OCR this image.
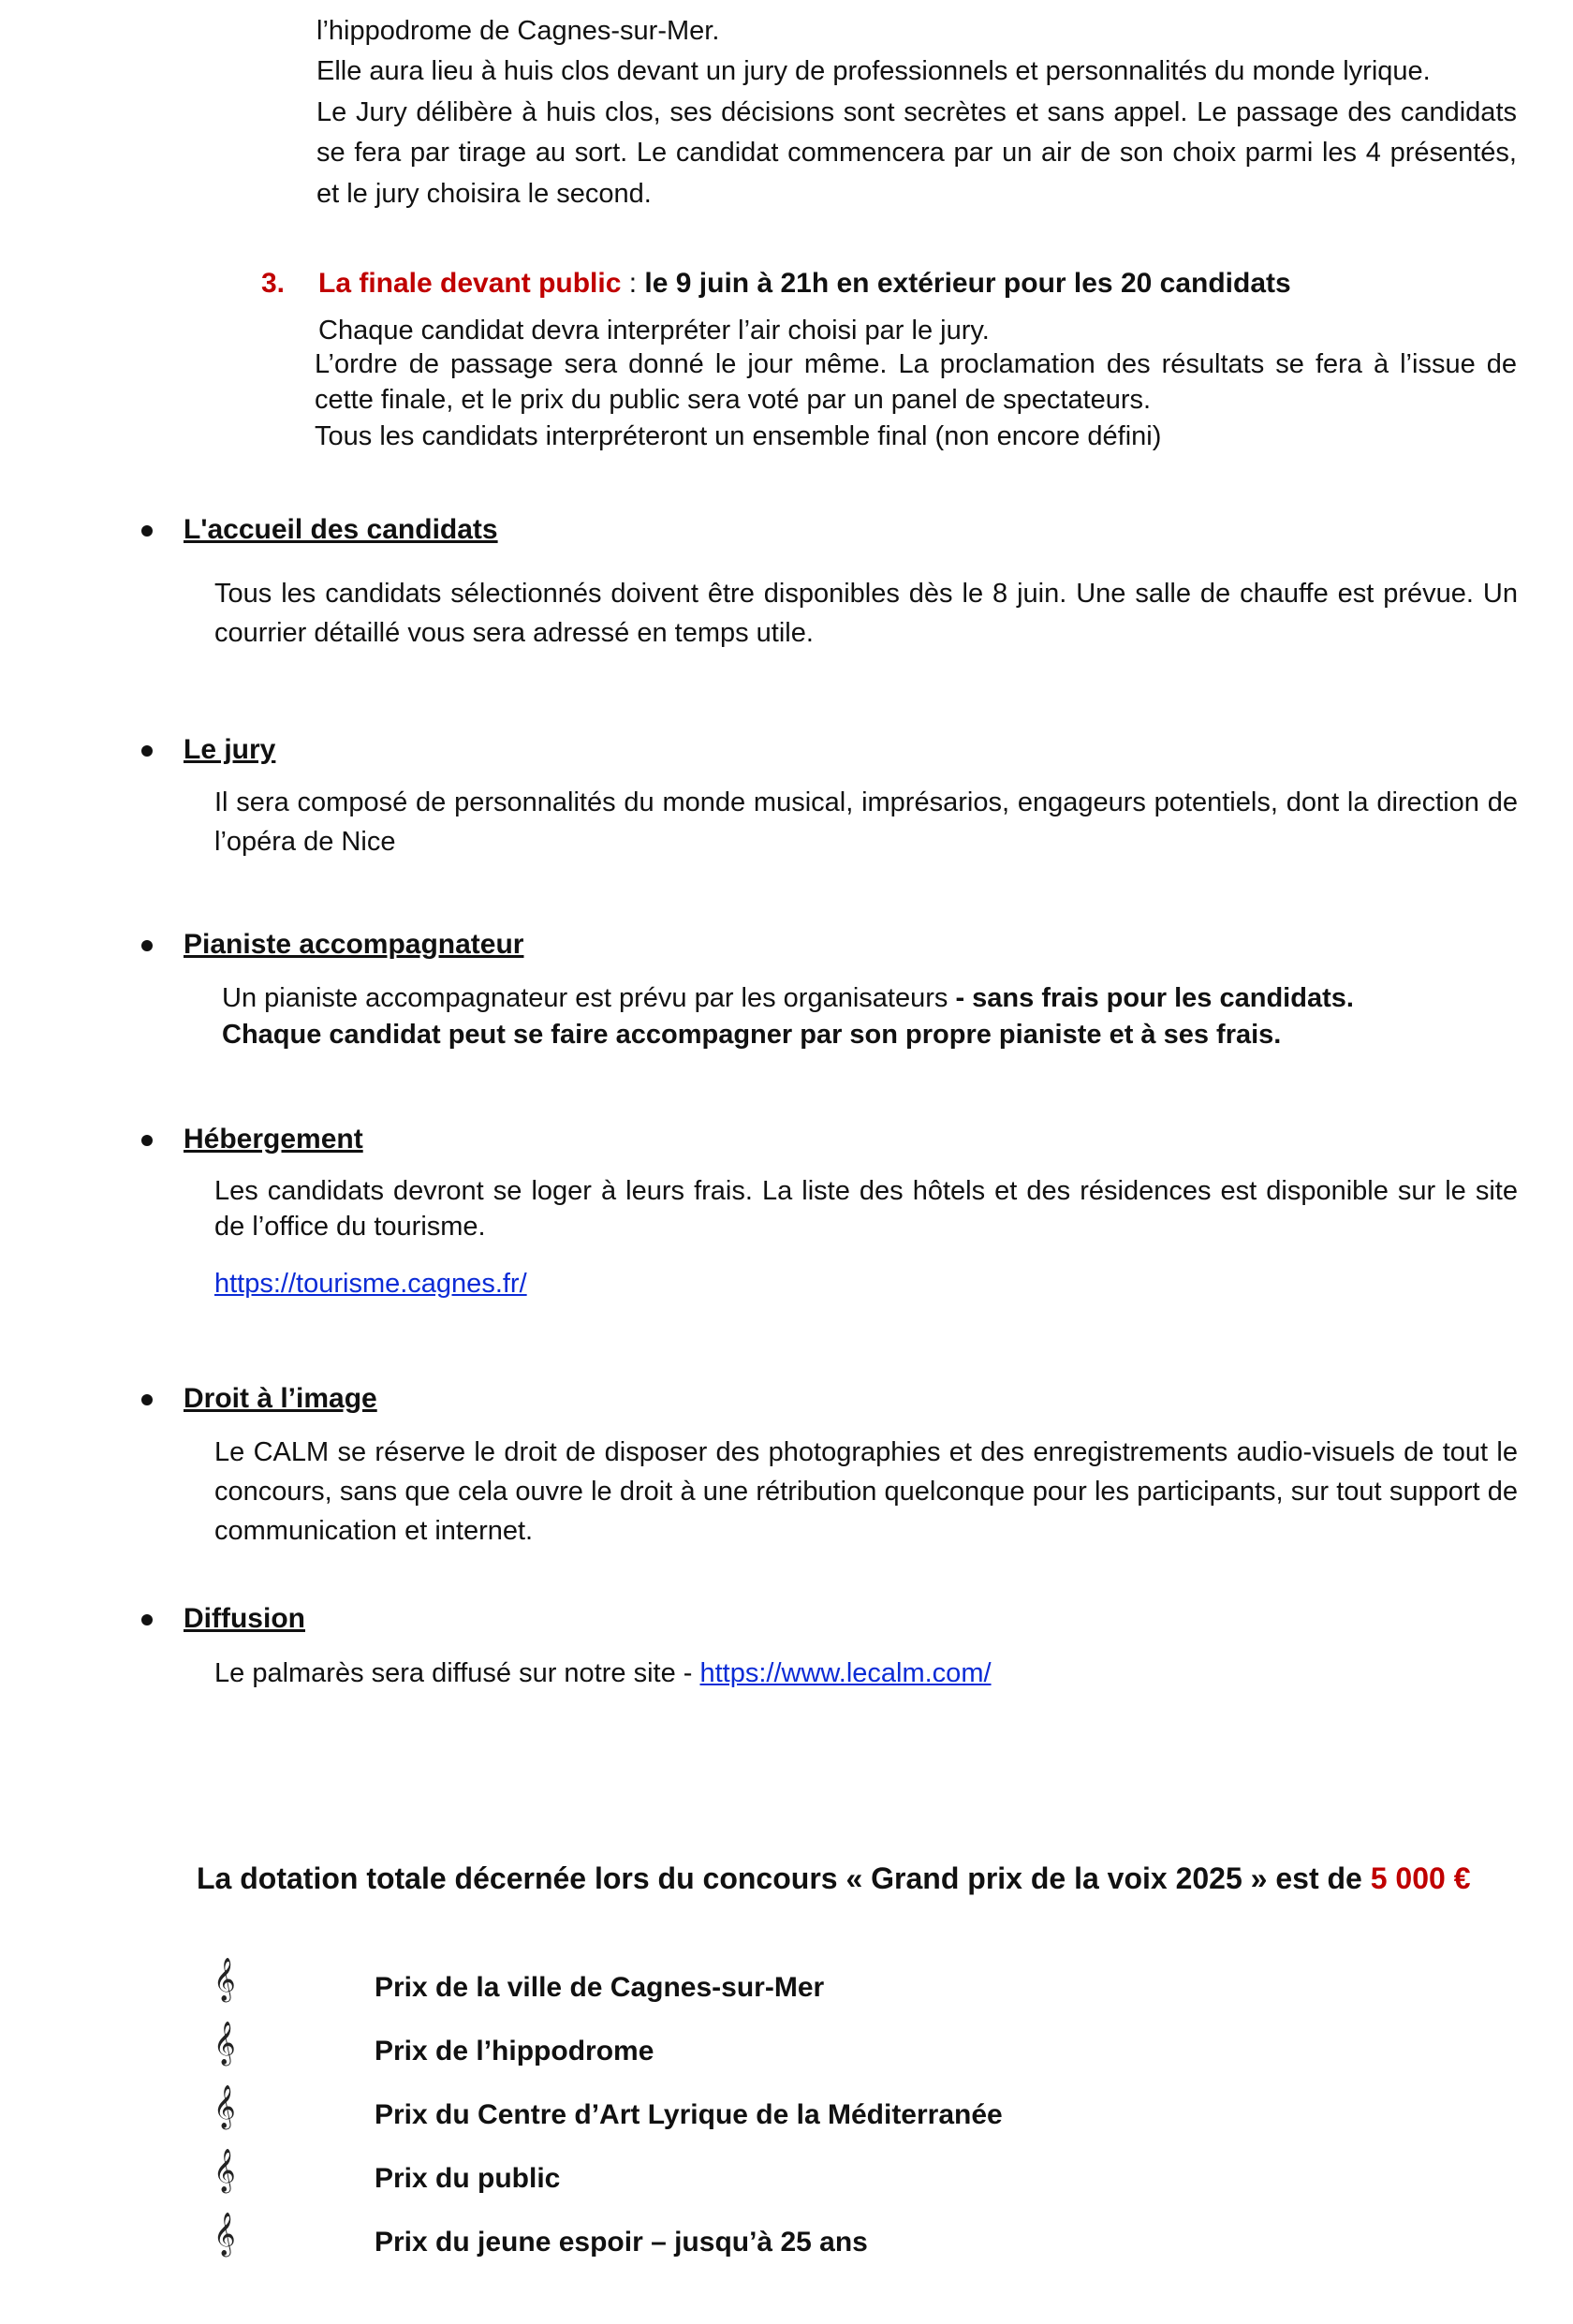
l’hippodrome de Cagnes-sur-Mer.

Elle aura lieu à huis clos devant un jury de professionnels et personnalités du monde lyrique.

Le Jury délibère à huis clos, ses décisions sont secrètes et sans appel. Le passage des candidats se fera par tirage au sort. Le candidat commencera par un air de son choix parmi les 4 présentés, et le jury choisira le second.

3. La finale devant public : le 9 juin à 21h en extérieur pour les 20 candidats
Chaque candidat devra interpréter l’air choisi par le jury.

L’ordre de passage sera donné le jour même. La proclamation des résultats se fera à l’issue de cette finale, et le prix du public sera voté par un panel de spectateurs.

Tous les candidats interpréteront un ensemble final (non encore défini)

L'accueil des candidats
Tous les candidats sélectionnés doivent être disponibles dès le 8 juin. Une salle de chauffe est prévue. Un courrier détaillé vous sera adressé en temps utile.
Le jury
Il sera composé de personnalités du monde musical, imprésarios, engageurs potentiels, dont la direction de l’opéra de Nice
Pianiste accompagnateur
Un pianiste accompagnateur est prévu par les organisateurs - sans frais pour les candidats.
Chaque candidat peut se faire accompagner par son propre pianiste et à ses frais.
Hébergement
Les candidats devront se loger à leurs frais. La liste des hôtels et des résidences est disponible sur le site de l’office du tourisme.
https://tourisme.cagnes.fr/
Droit à l’image
Le CALM se réserve le droit de disposer des photographies et des enregistrements audio-visuels de tout le concours, sans que cela ouvre le droit à une rétribution quelconque pour les participants, sur tout support de communication et internet.
Diffusion
Le palmarès sera diffusé sur notre site - https://www.lecalm.com/
La dotation totale décernée lors du concours « Grand prix de la voix 2025 » est de 5 000 €
𝄞	Prix de la ville de Cagnes-sur-Mer
𝄞	Prix de l’hippodrome
𝄞	Prix du Centre d’Art Lyrique de la Méditerranée
𝄞	Prix du public
𝄞	Prix du jeune espoir – jusqu’à 25 ans
